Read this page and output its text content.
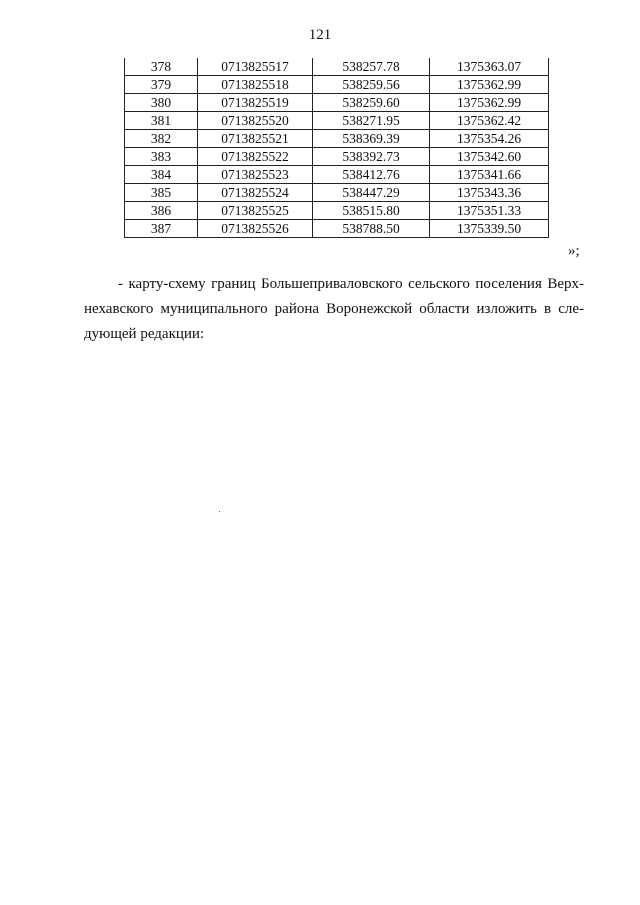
121
378	0713825517	538257.78	1375363.07
379	0713825518	538259.56	1375362.99
380	0713825519	538259.60	1375362.99
381	0713825520	538271.95	1375362.42
382	0713825521	538369.39	1375354.26
383	0713825522	538392.73	1375342.60
384	0713825523	538412.76	1375341.66
385	0713825524	538447.29	1375343.36
386	0713825525	538515.80	1375351.33
387	0713825526	538788.50	1375339.50
»;
- карту-схему границ Большеприваловского сельского поселения Верх-
нехавского муниципального района Воронежской области изложить в сле-
дующей редакции:
